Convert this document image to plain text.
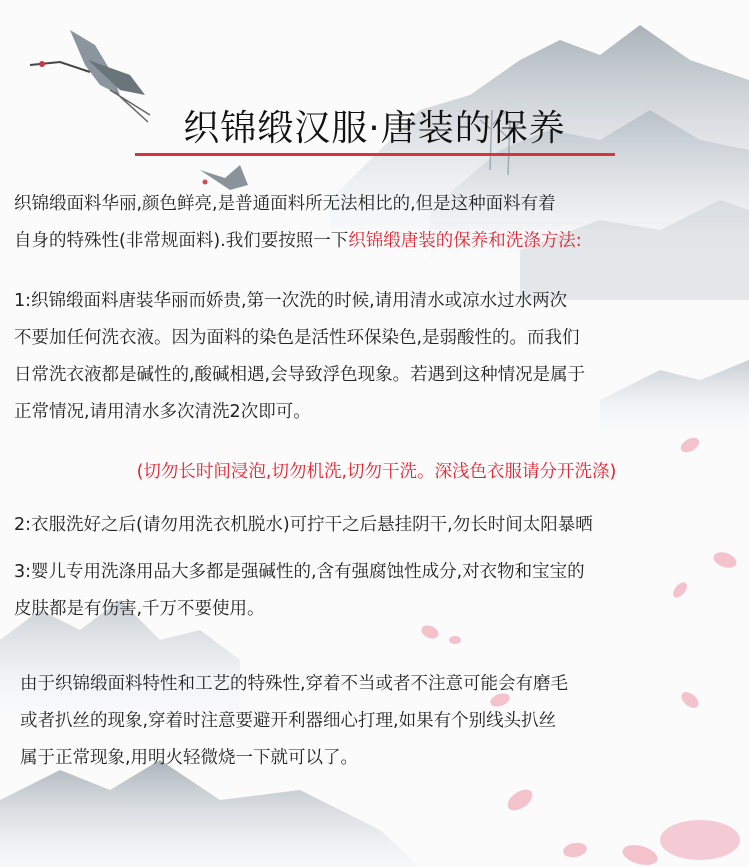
织锦缎汉服·唐装的保养

织锦缎面料华丽,颜色鲜亮,是普通面料所无法相比的,但是这种面料有着
自身的特殊性(非常规面料).我们要按照一下织锦缎唐装的保养和洗涤方法:

1:织锦缎面料唐装华丽而娇贵,第一次洗的时候,请用清水或凉水过水两次
不要加任何洗衣液。因为面料的染色是活性环保染色,是弱酸性的。而我们
日常洗衣液都是碱性的,酸碱相遇,会导致浮色现象。若遇到这种情况是属于
正常情况,请用清水多次清洗2次即可。

(切勿长时间浸泡,切勿机洗,切勿干洗。深浅色衣服请分开洗涤)

2:衣服洗好之后(请勿用洗衣机脱水)可拧干之后悬挂阴干,勿长时间太阳暴晒

3:婴儿专用洗涤用品大多都是强碱性的,含有强腐蚀性成分,对衣物和宝宝的
皮肤都是有伤害,千万不要使用。

由于织锦缎面料特性和工艺的特殊性,穿着不当或者不注意可能会有磨毛
或者扒丝的现象,穿着时注意要避开利器细心打理,如果有个别线头扒丝
属于正常现象,用明火轻微烧一下就可以了。
